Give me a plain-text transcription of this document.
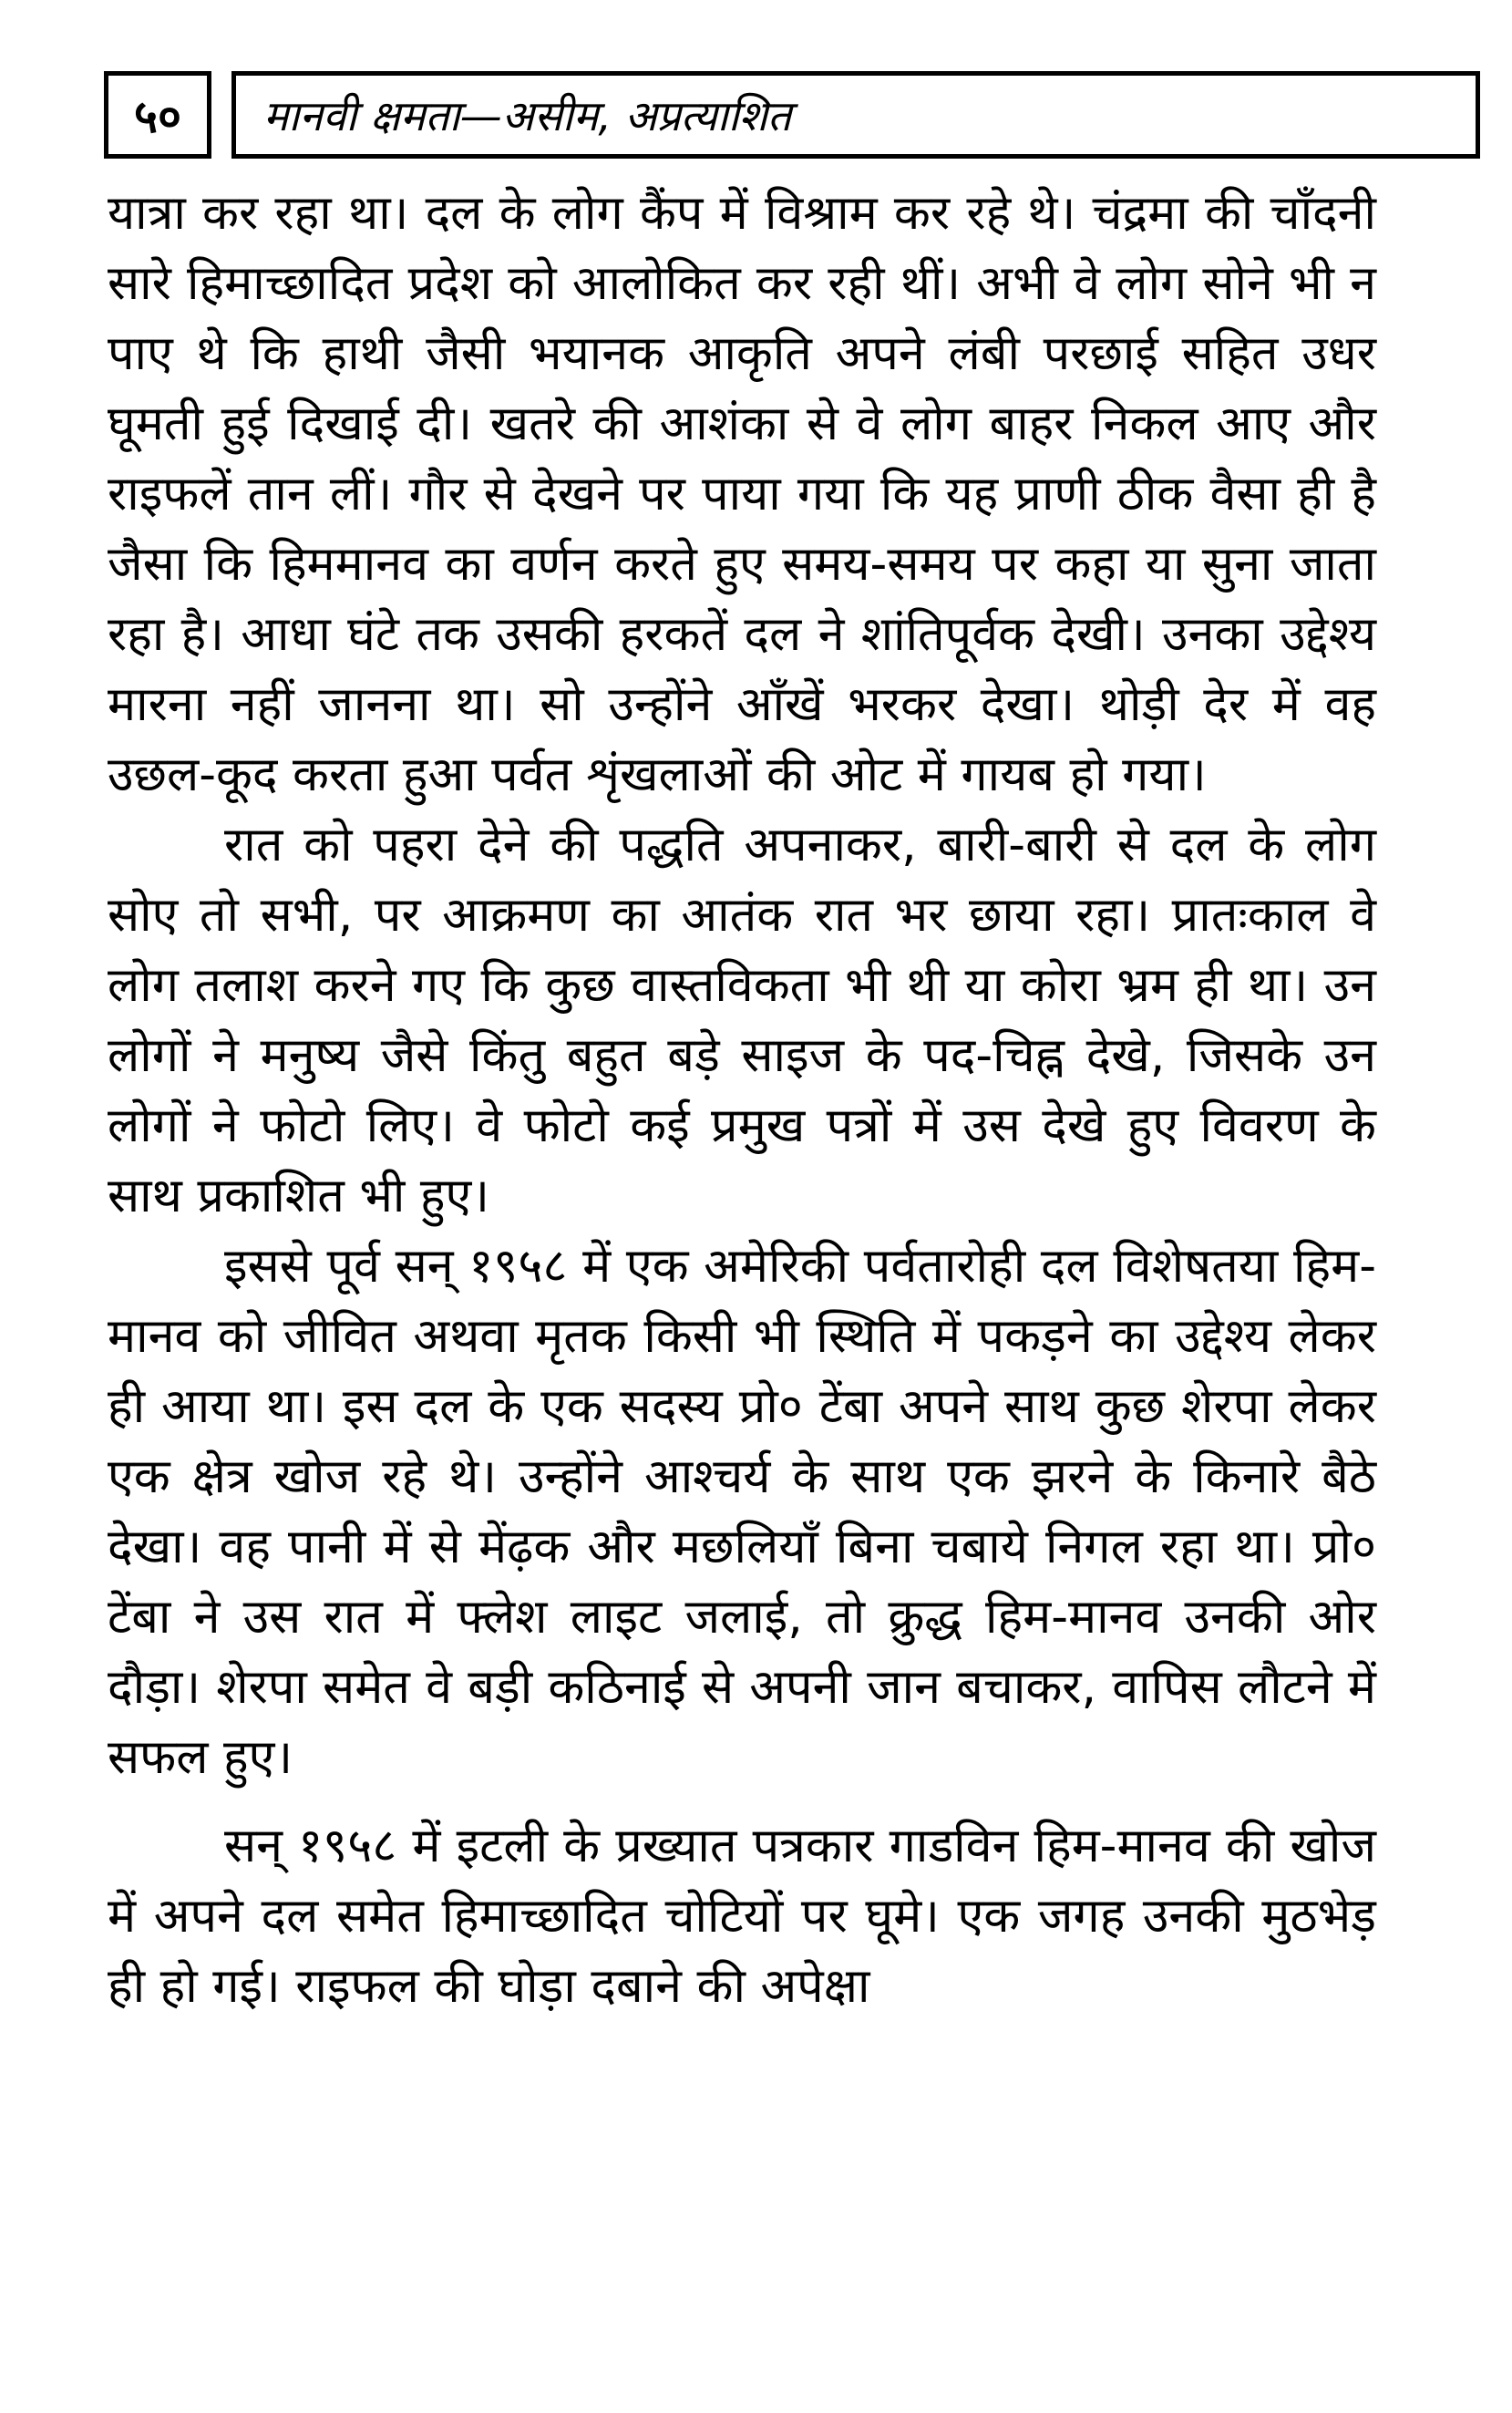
५०	मानवी क्षमता—असीम, अप्रत्याशित

यात्रा कर रहा था। दल के लोग कैंप में विश्राम कर रहे थे। चंद्रमा की चाँदनी सारे हिमाच्छादित प्रदेश को आलोकित कर रही थीं। अभी वे लोग सोने भी न पाए थे कि हाथी जैसी भयानक आकृति अपने लंबी परछाई सहित उधर घूमती हुई दिखाई दी। खतरे की आशंका से वे लोग बाहर निकल आए और राइफलें तान लीं। गौर से देखने पर पाया गया कि यह प्राणी ठीक वैसा ही है जैसा कि हिममानव का वर्णन करते हुए समय-समय पर कहा या सुना जाता रहा है। आधा घंटे तक उसकी हरकतें दल ने शांतिपूर्वक देखी। उनका उद्देश्य मारना नहीं जानना था। सो उन्होंने आँखें भरकर देखा। थोड़ी देर में वह उछल-कूद करता हुआ पर्वत शृंखलाओं की ओट में गायब हो गया।

रात को पहरा देने की पद्धति अपनाकर, बारी-बारी से दल के लोग सोए तो सभी, पर आक्रमण का आतंक रात भर छाया रहा। प्रातःकाल वे लोग तलाश करने गए कि कुछ वास्तविकता भी थी या कोरा भ्रम ही था। उन लोगों ने मनुष्य जैसे किंतु बहुत बड़े साइज के पद-चिह्न देखे, जिसके उन लोगों ने फोटो लिए। वे फोटो कई प्रमुख पत्रों में उस देखे हुए विवरण के साथ प्रकाशित भी हुए।

इससे पूर्व सन् १९५८ में एक अमेरिकी पर्वतारोही दल विशेषतया हिम-मानव को जीवित अथवा मृतक किसी भी स्थिति में पकड़ने का उद्देश्य लेकर ही आया था। इस दल के एक सदस्य प्रो० टेंबा अपने साथ कुछ शेरपा लेकर एक क्षेत्र खोज रहे थे। उन्होंने आश्चर्य के साथ एक झरने के किनारे बैठे देखा। वह पानी में से मेंढ़क और मछलियाँ बिना चबाये निगल रहा था। प्रो० टेंबा ने उस रात में फ्लेश लाइट जलाई, तो क्रुद्ध हिम-मानव उनकी ओर दौड़ा। शेरपा समेत वे बड़ी कठिनाई से अपनी जान बचाकर, वापिस लौटने में सफल हुए।

सन् १९५८ में इटली के प्रख्यात पत्रकार गाडविन हिम-मानव की खोज में अपने दल समेत हिमाच्छादित चोटियों पर घूमे। एक जगह उनकी मुठभेड़ ही हो गई। राइफल की घोड़ा दबाने की अपेक्षा
